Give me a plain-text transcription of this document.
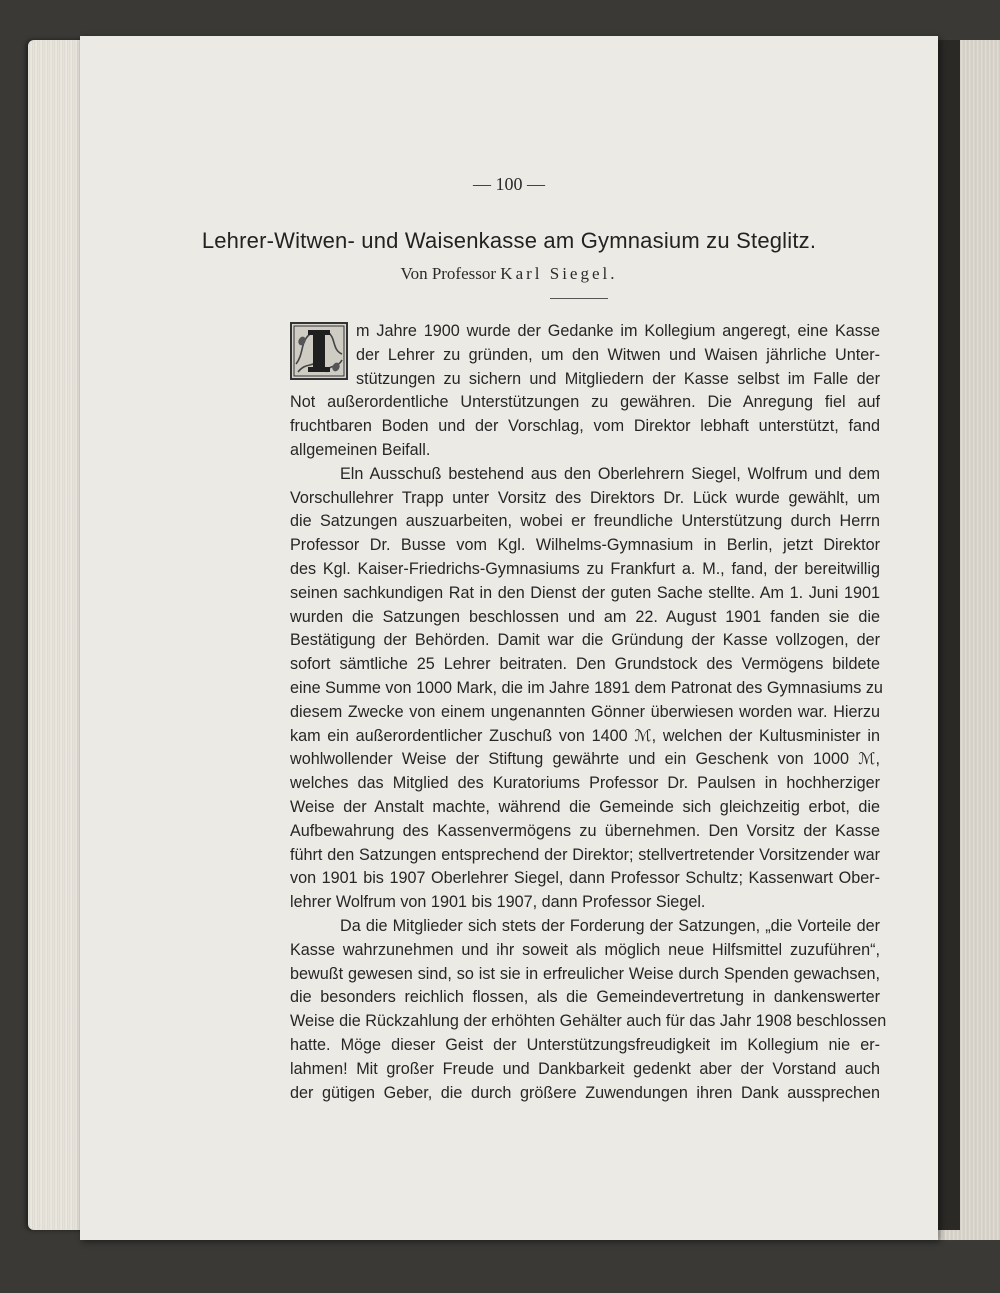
— 100 —
Lehrer-Witwen- und Waisenkasse am Gymnasium zu Steglitz.
Von Professor Karl Siegel.
m Jahre 1900 wurde der Gedanke im Kollegium angeregt, eine Kasse
der Lehrer zu gründen, um den Witwen und Waisen jährliche Unter-
stützungen zu sichern und Mitgliedern der Kasse selbst im Falle der
Not außerordentliche Unterstützungen zu gewähren. Die Anregung fiel auf
fruchtbaren Boden und der Vorschlag, vom Direktor lebhaft unterstützt, fand
allgemeinen Beifall.
Eln Ausschuß bestehend aus den Oberlehrern Siegel, Wolfrum und dem
Vorschullehrer Trapp unter Vorsitz des Direktors Dr. Lück wurde gewählt, um
die Satzungen auszuarbeiten, wobei er freundliche Unterstützung durch Herrn
Professor Dr. Busse vom Kgl. Wilhelms-Gymnasium in Berlin, jetzt Direktor
des Kgl. Kaiser-Friedrichs-Gymnasiums zu Frankfurt a. M., fand, der bereitwillig
seinen sachkundigen Rat in den Dienst der guten Sache stellte. Am 1. Juni 1901
wurden die Satzungen beschlossen und am 22. August 1901 fanden sie die
Bestätigung der Behörden. Damit war die Gründung der Kasse vollzogen, der
sofort sämtliche 25 Lehrer beitraten. Den Grundstock des Vermögens bildete
eine Summe von 1000 Mark, die im Jahre 1891 dem Patronat des Gymnasiums zu
diesem Zwecke von einem ungenannten Gönner überwiesen worden war. Hierzu
kam ein außerordentlicher Zuschuß von 1400 ℳ, welchen der Kultusminister in
wohlwollender Weise der Stiftung gewährte und ein Geschenk von 1000 ℳ,
welches das Mitglied des Kuratoriums Professor Dr. Paulsen in hochherziger
Weise der Anstalt machte, während die Gemeinde sich gleichzeitig erbot, die
Aufbewahrung des Kassenvermögens zu übernehmen. Den Vorsitz der Kasse
führt den Satzungen entsprechend der Direktor; stellvertretender Vorsitzender war
von 1901 bis 1907 Oberlehrer Siegel, dann Professor Schultz; Kassenwart Ober-
lehrer Wolfrum von 1901 bis 1907, dann Professor Siegel.
Da die Mitglieder sich stets der Forderung der Satzungen, „die Vorteile der
Kasse wahrzunehmen und ihr soweit als möglich neue Hilfsmittel zuzuführen“,
bewußt gewesen sind, so ist sie in erfreulicher Weise durch Spenden gewachsen,
die besonders reichlich flossen, als die Gemeindevertretung in dankenswerter
Weise die Rückzahlung der erhöhten Gehälter auch für das Jahr 1908 beschlossen
hatte. Möge dieser Geist der Unterstützungsfreudigkeit im Kollegium nie er-
lahmen! Mit großer Freude und Dankbarkeit gedenkt aber der Vorstand auch
der gütigen Geber, die durch größere Zuwendungen ihren Dank aussprechen
